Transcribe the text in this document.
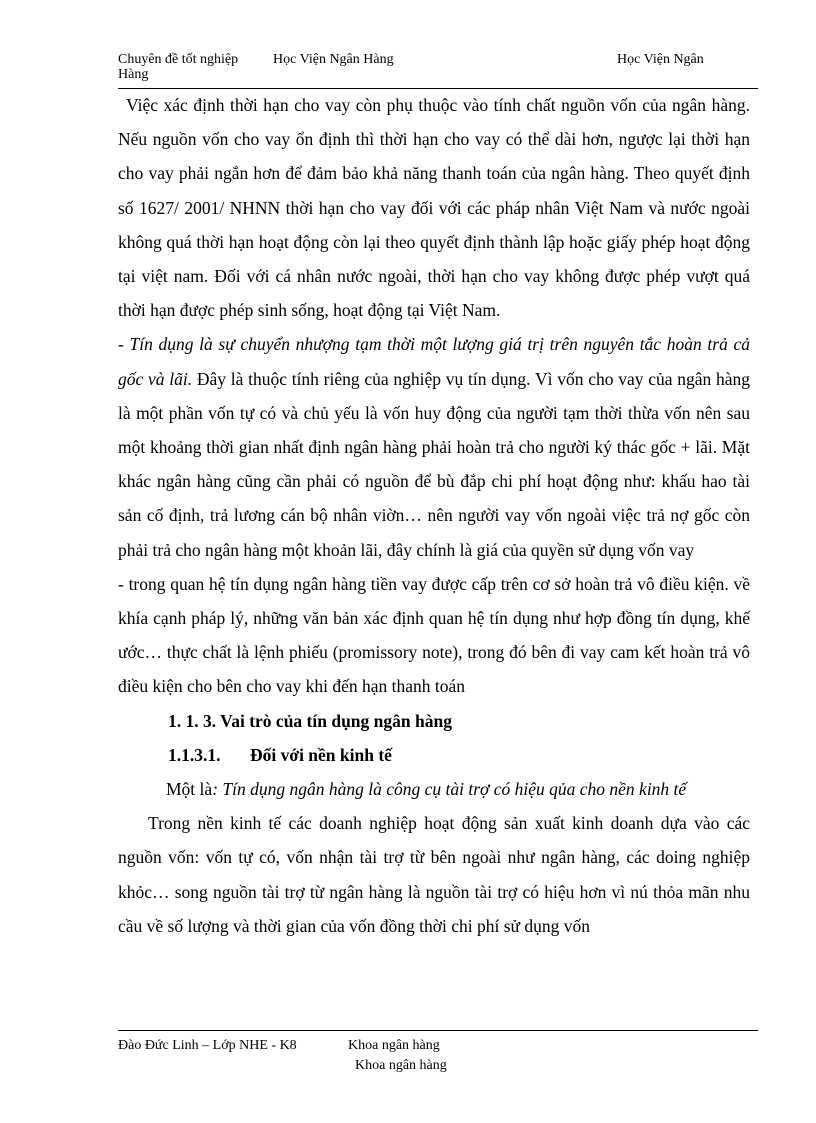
Chuyên đề tốt nghiệp Học Viện Ngân Hàng	Học Viện Ngân
Hàng

Việc xác định thời hạn cho vay còn phụ thuộc vào tính chất nguồn vốn của ngân hàng. Nếu nguồn vốn cho vay ổn định thì thời hạn cho vay có thể dài hơn, ngược lại thời hạn cho vay phải ngắn hơn để đảm bảo khả năng thanh toán của ngân hàng. Theo quyết định số 1627/ 2001/ NHNN thời hạn cho vay đối với các pháp nhân Việt Nam và nước ngoài không quá thời hạn hoạt động còn lại theo quyết định thành lập hoặc giấy phép hoạt động tại việt nam. Đối với cá nhân nước ngoài, thời hạn cho vay không được phép vượt quá thời hạn được phép sinh sống, hoạt động tại Việt Nam.

- Tín dụng là sự chuyển nhượng tạm thời một lượng giá trị trên nguyên tắc hoàn trả cả gốc và lãi. Đây là thuộc tính riêng của nghiệp vụ tín dụng. Vì vốn cho vay của ngân hàng là một phần vốn tự có và chủ yếu là vốn huy động của người tạm thời thừa vốn nên sau một khoảng thời gian nhất định ngân hàng phải hoàn trả cho người ký thác gốc + lãi. Mặt khác ngân hàng cũng cần phải có nguồn để bù đắp chi phí hoạt động như: khấu hao tài sản cố định, trả lương cán bộ nhân viờn… nên người vay vốn ngoài việc trả nợ gốc còn phải trả cho ngân hàng một khoản lãi, đây chính là giá của quyền sử dụng vốn vay

- trong quan hệ tín dụng ngân hàng tiền vay được cấp trên cơ sở hoàn trả vô điều kiện. về khía cạnh pháp lý, những văn bản xác định quan hệ tín dụng như hợp đồng tín dụng, khế ước… thực chất là lệnh phiếu (promissory note), trong đó bên đi vay cam kết hoàn trả vô điều kiện cho bên cho vay khi đến hạn thanh toán

1. 1. 3. Vai trò của tín dụng ngân hàng

1.1.3.1. Đối với nền kinh tế

Một là: Tín dụng ngân hàng là công cụ tài trợ có hiệu qủa cho nền kinh tế

Trong nền kinh tế các doanh nghiệp hoạt động sản xuất kinh doanh dựa vào các nguồn vốn: vốn tự có, vốn nhận tài trợ từ bên ngoài như ngân hàng, các doing nghiệp khỏc… song nguồn tài trợ từ ngân hàng là nguồn tài trợ có hiệu hơn vì nú thỏa mãn nhu cầu về số lượng và thời gian của vốn đồng thời chi phí sử dụng vốn

Đào Đức Linh – Lớp NHE - K8	Khoa ngân hàng
Khoa ngân hàng
